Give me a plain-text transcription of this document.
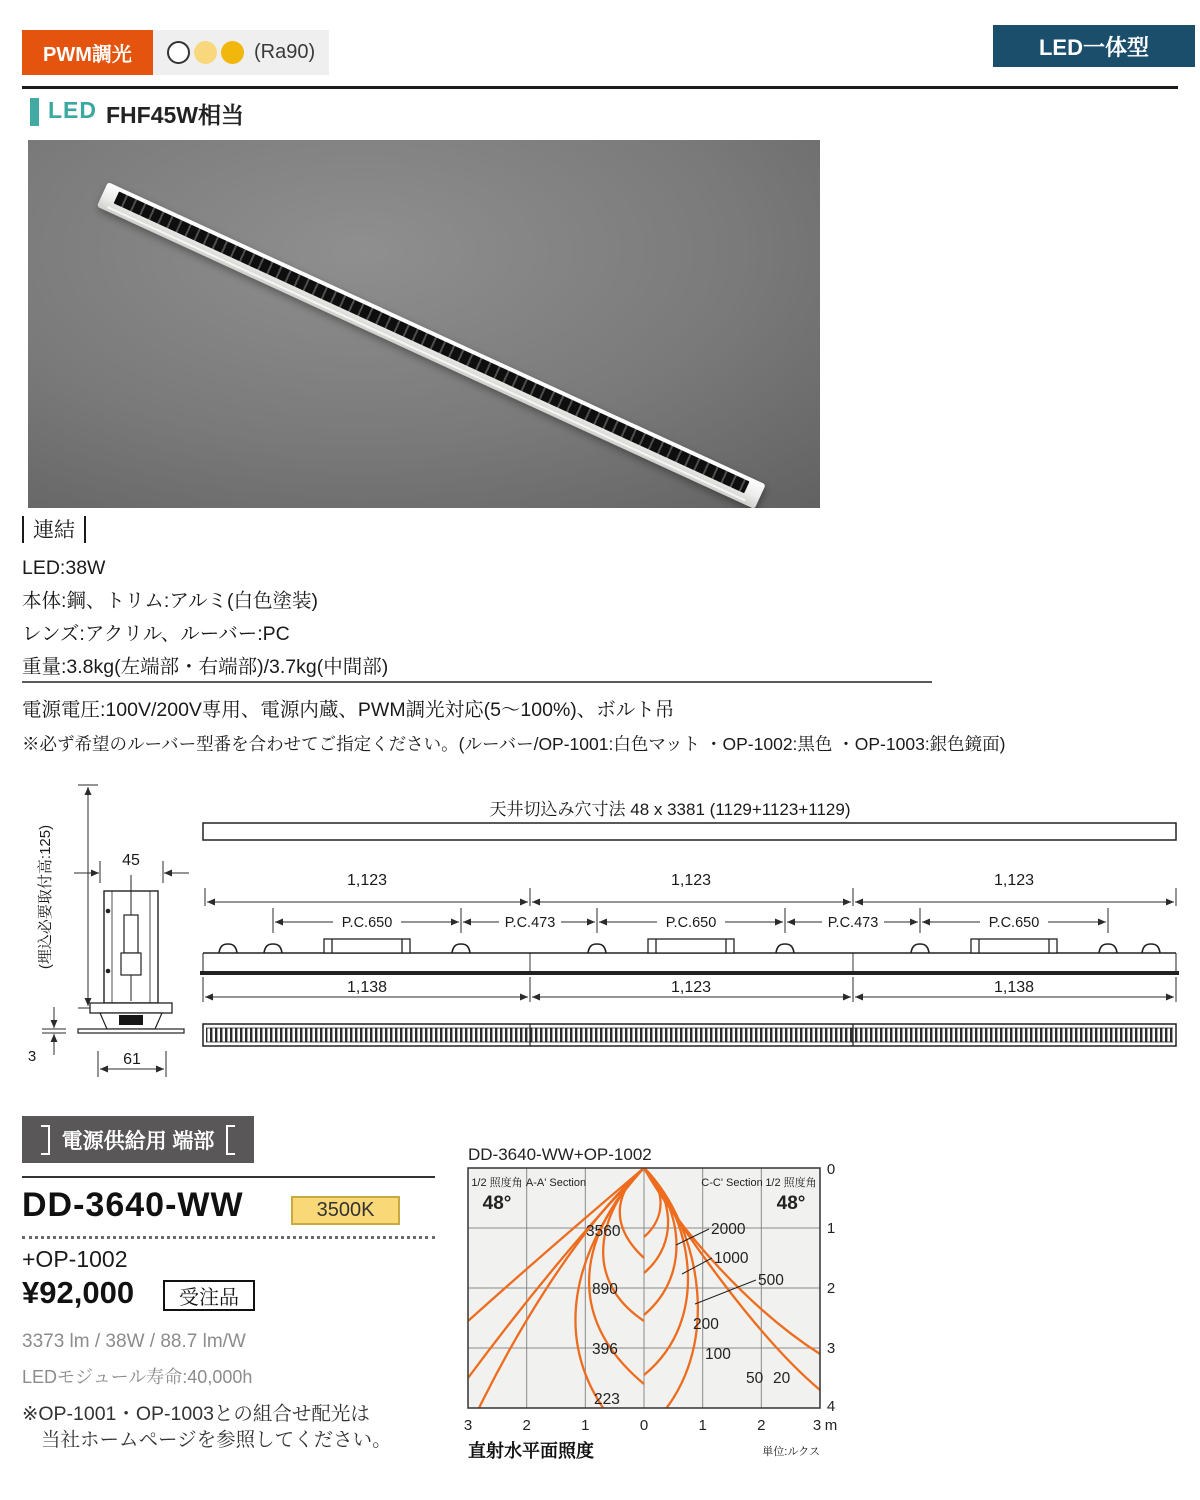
PWM調光	(Ra90)	LED一体型
LED FHF45W相当
連結
LED:38W
本体:鋼、トリム:アルミ(白色塗装)
レンズ:アクリル、ルーバー:PC
重量:3.8kg(左端部・右端部)/3.7kg(中間部)
電源電圧:100V/200V専用、電源内蔵、PWM調光対応(5〜100%)、ボルト吊
※必ず希望のルーバー型番を合わせてご指定ください。(ルーバー/OP-1001:白色マット ・OP-1002:黒色 ・OP-1003:銀色鏡面)
天井切込み穴寸法 48 x 3381 (1129+1123+1129)
1,123	1,123	1,123
P.C.650	P.C.473	P.C.650	P.C.473	P.C.650
1,138	1,123	1,138
(埋込必要取付高:125)	45
3	61
電源供給用 端部
DD-3640-WW	3500K
+OP-1002
¥92,000	受注品
3373 lm / 38W / 88.7 lm/W
LEDモジュール寿命:40,000h
※OP-1001・OP-1003との組合せ配光は
当社ホームページを参照してください。
DD-3640-WW+OP-1002
1/2 照度角
48°
A-A' Section	C-C' Section 1/2 照度角
48°
3560
890
396
223
2000
1000
500
200
100
50 20
0
1
2
3
4
m
3	2	1	0	1	2	3
直射水平面照度	単位:ルクス
